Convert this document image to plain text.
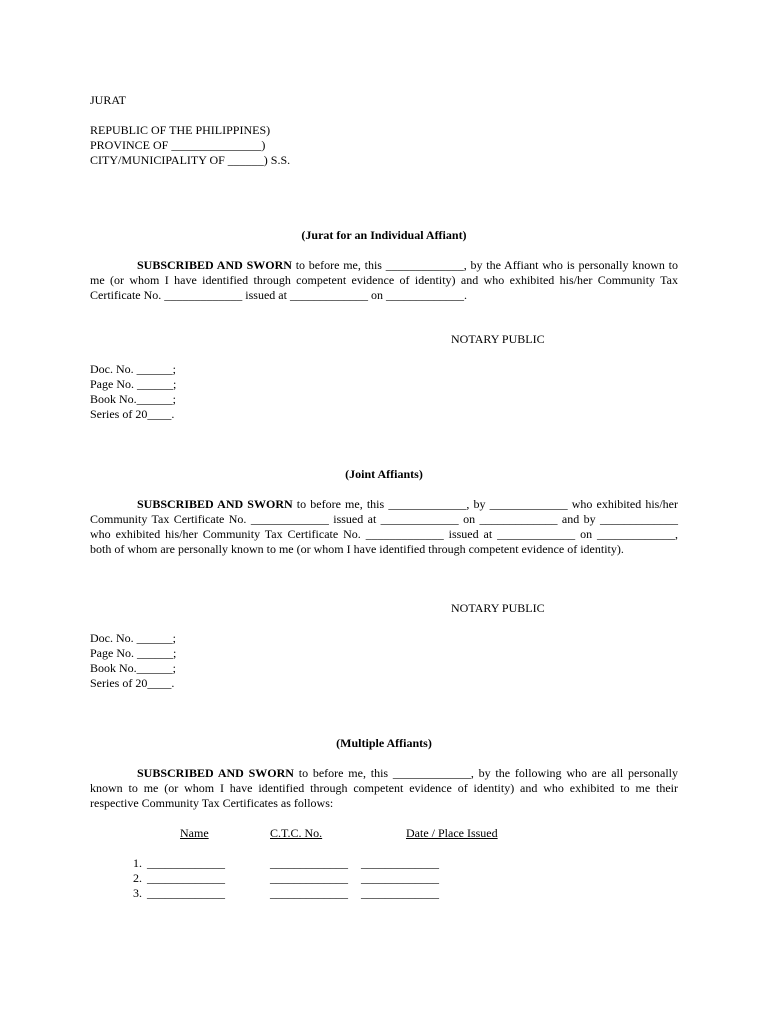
JURAT
REPUBLIC OF THE PHILIPPINES)
PROVINCE OF _______________)
CITY/MUNICIPALITY OF ______) S.S.
(Jurat for an Individual Affiant)
SUBSCRIBED AND SWORN to before me, this _____________, by the Affiant who is personally known to
me (or whom I have identified through competent evidence of identity) and who exhibited his/her Community Tax
Certificate No. _____________ issued at _____________ on _____________.
NOTARY PUBLIC
Doc. No. ______;
Page No. ______;
Book No.______;
Series of 20____.
(Joint Affiants)
SUBSCRIBED AND SWORN to before me, this _____________, by _____________ who exhibited his/her
Community Tax Certificate No. _____________ issued at _____________ on _____________ and by _____________
who exhibited his/her Community Tax Certificate No. _____________ issued at _____________ on _____________,
both of whom are personally known to me (or whom I have identified through competent evidence of identity).
NOTARY PUBLIC
Doc. No. ______;
Page No. ______;
Book No.______;
Series of 20____.
(Multiple Affiants)
SUBSCRIBED AND SWORN to before me, this _____________, by the following who are all personally
known to me (or whom I have identified through competent evidence of identity) and who exhibited to me their
respective Community Tax Certificates as follows:
Name	C.T.C. No.	Date / Place Issued
1. _____________	_____________ _____________
2. _____________	_____________ _____________
3. _____________	_____________ _____________
